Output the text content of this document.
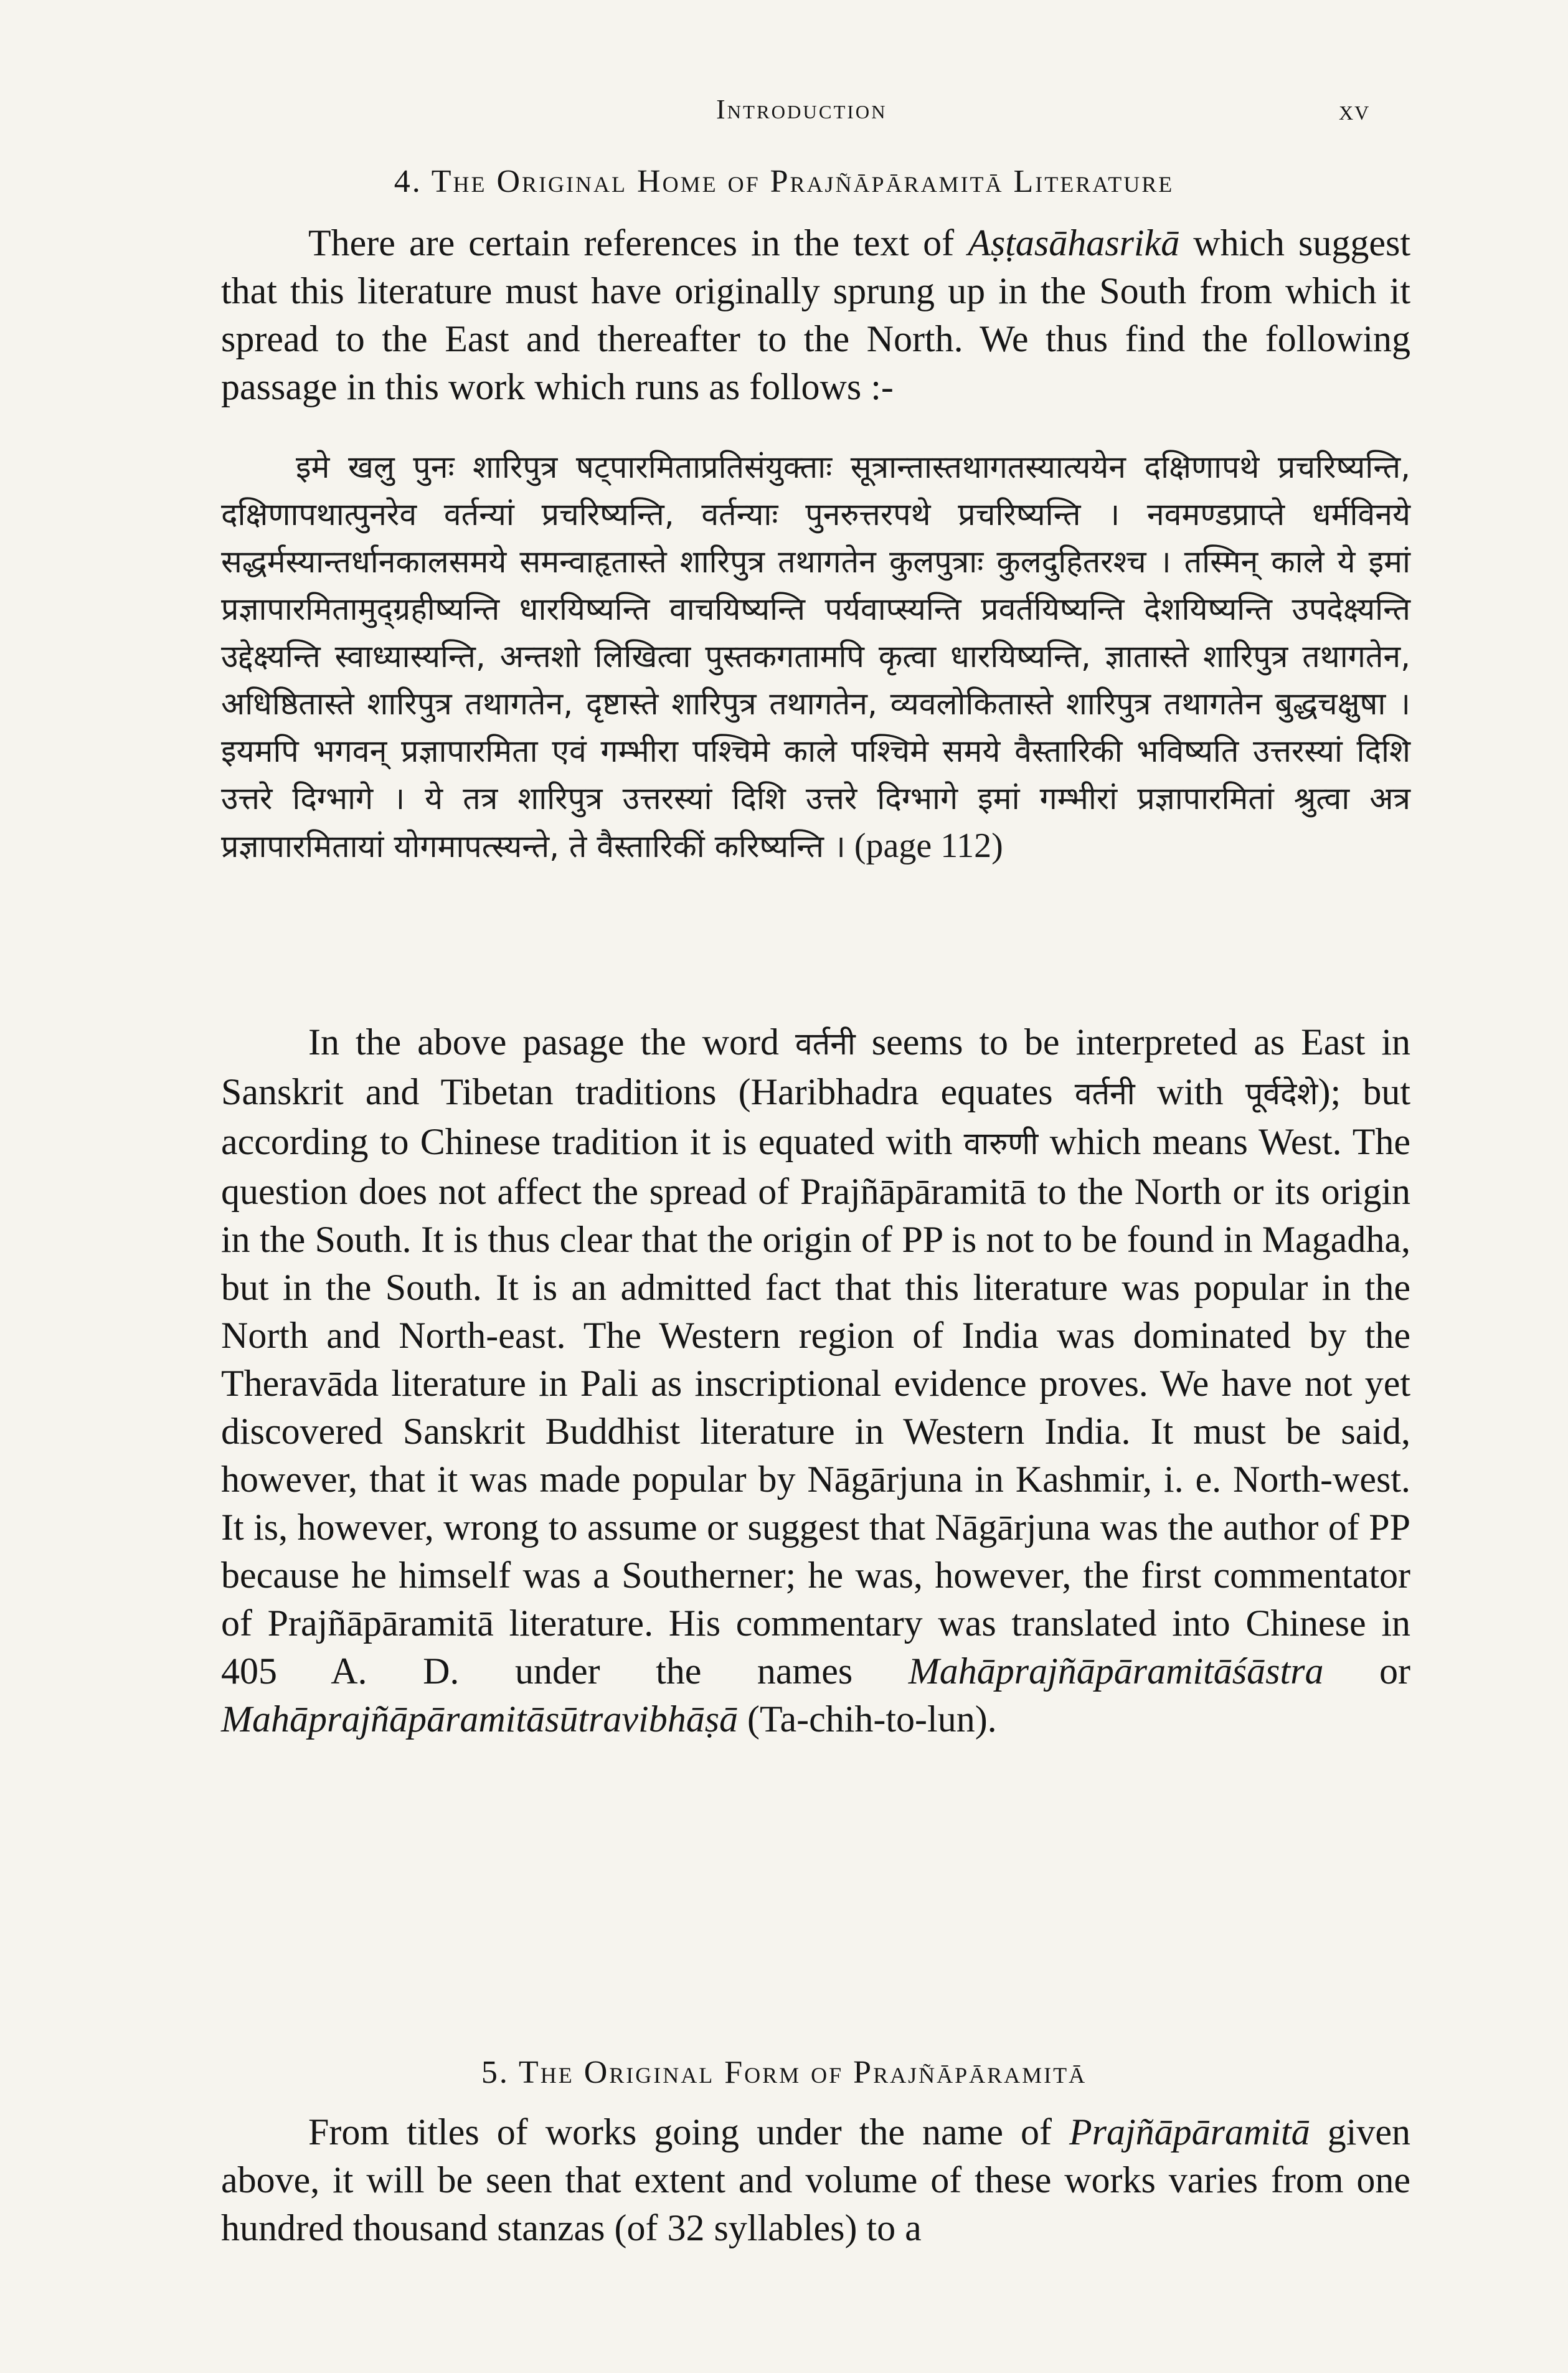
Introduction	xv
4. The Original Home of Prajñāpāramitā Literature

There are certain references in the text of Aṣṭasāhasrikā which suggest that this literature must have originally sprung up in the South from which it spread to the East and thereafter to the North. We thus find the following passage in this work which runs as follows :-

इमे खलु पुनः शारिपुत्र षट्पारमिताप्रतिसंयुक्ताः सूत्रान्तास्तथागतस्यात्ययेन दक्षिणापथे प्रचरिष्यन्ति, दक्षिणापथात्पुनरेव वर्तन्यां प्रचरिष्यन्ति, वर्तन्याः पुनरुत्तरपथे प्रचरिष्यन्ति । नवमण्डप्राप्ते धर्मविनये सद्धर्मस्यान्तर्धानकालसमये समन्वाहृतास्ते शारिपुत्र तथागतेन कुलपुत्राः कुलदुहितरश्च । तस्मिन् काले ये इमां प्रज्ञापारमितामुद्ग्रहीष्यन्ति धारयिष्यन्ति वाचयिष्यन्ति पर्यवाप्स्यन्ति प्रवर्तयिष्यन्ति देशयिष्यन्ति उपदेक्ष्यन्ति उद्देक्ष्यन्ति स्वाध्यास्यन्ति, अन्तशो लिखित्वा पुस्तकगतामपि कृत्वा धारयिष्यन्ति, ज्ञातास्ते शारिपुत्र तथागतेन, अधिष्ठितास्ते शारिपुत्र तथागतेन, दृष्टास्ते शारिपुत्र तथागतेन, व्यवलोकितास्ते शारिपुत्र तथागतेन बुद्धचक्षुषा । इयमपि भगवन् प्रज्ञापारमिता एवं गम्भीरा पश्चिमे काले पश्चिमे समये वैस्तारिकी भविष्यति उत्तरस्यां दिशि उत्तरे दिग्भागे । ये तत्र शारिपुत्र उत्तरस्यां दिशि उत्तरे दिग्भागे इमां गम्भीरां प्रज्ञापारमितां श्रुत्वा अत्र प्रज्ञापारमितायां योगमापत्स्यन्ते, ते वैस्तारिकीं करिष्यन्ति । (page 112)

In the above pasage the word वर्तनी seems to be interpreted as East in Sanskrit and Tibetan traditions (Haribhadra equates वर्तनी with पूर्वदेशे); but according to Chinese tradition it is equated with वारुणी which means West. The question does not affect the spread of Prajñāpāramitā to the North or its origin in the South. It is thus clear that the origin of PP is not to be found in Magadha, but in the South. It is an admitted fact that this literature was popular in the North and North-east. The Western region of India was dominated by the Theravāda literature in Pali as inscriptional evidence proves. We have not yet discovered Sanskrit Buddhist literature in Western India. It must be said, however, that it was made popular by Nāgārjuna in Kashmir, i. e. North-west. It is, however, wrong to assume or suggest that Nāgārjuna was the author of PP because he himself was a Southerner; he was, however, the first commentator of Prajñāpāramitā literature. His commentary was translated into Chinese in 405 A. D. under the names Mahāprajñāpāramitāśāstra or Mahāprajñāpāramitāsūtravibhāṣā (Ta-chih-to-lun).

5. The Original Form of Prajñāpāramitā

From titles of works going under the name of Prajñāpāramitā given above, it will be seen that extent and volume of these works varies from one hundred thousand stanzas (of 32 syllables) to a
